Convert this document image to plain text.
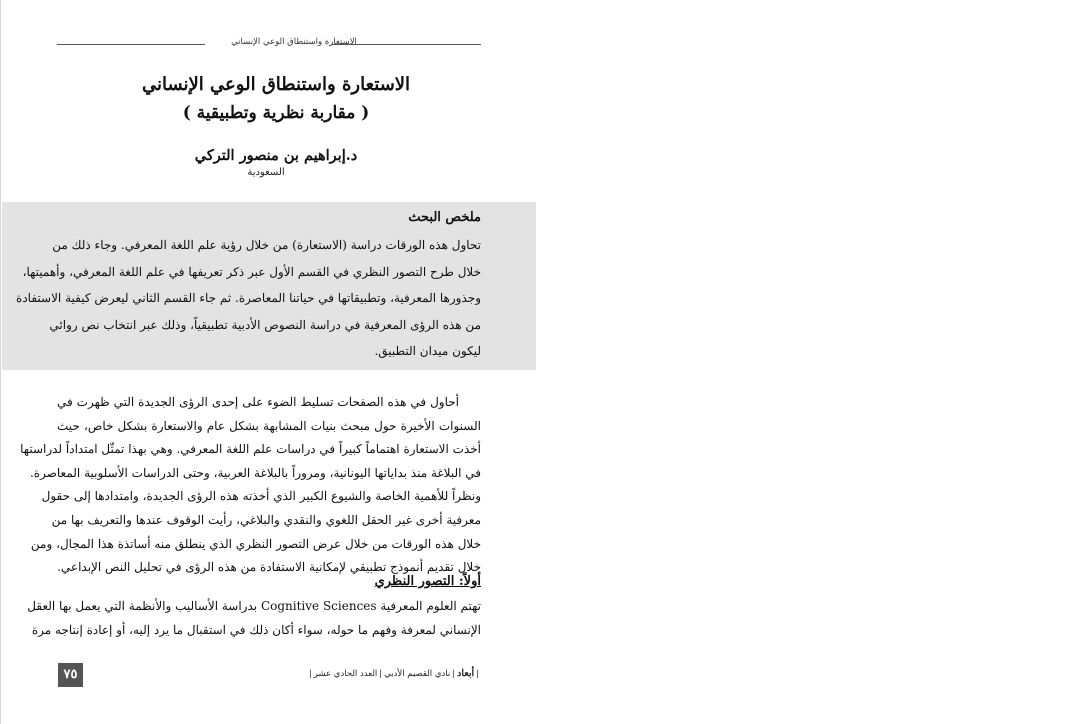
الاستعارة واستنطاق الوعي الإنساني
الاستعارة واستنطاق الوعي الإنساني
( مقاربة نظرية وتطبيقية )
د.إبراهيم بن منصور التركي
السعودية
ملخص البحث
تحاول هذه الورقات دراسة (الاستعارة) من خلال رؤية علم اللغة المعرفي. وجاء ذلك من
خلال طرح التصور النظري في القسم الأول عبر ذكر تعريفها في علم اللغة المعرفي، وأهميتها،
وجذورها المعرفية، وتطبيقاتها في حياتنا المعاصرة. ثم جاء القسم الثاني ليعرض كيفية الاستفادة
من هذه الرؤى المعرفية في دراسة النصوص الأدبية تطبيقياً، وذلك عبر انتخاب نص روائي
ليكون ميدان التطبيق.
أحاول في هذه الصفحات تسليط الضوء على إحدى الرؤى الجديدة التي ظهرت في
السنوات الأخيرة حول مبحث بنيات المشابهة بشكل عام والاستعارة بشكل خاص، حيث
أخذت الاستعارة اهتماماً كبيراً في دراسات علم اللغة المعرفي. وهي بهذا تمثّل امتداداً لدراستها
في البلاغة منذ بداياتها اليونانية، ومروراً بالبلاغة العربية، وحتى الدراسات الأسلوبية المعاصرة.
ونظراً للأهمية الخاصة والشيوع الكبير الذي أخذته هذه الرؤى الجديدة، وامتدادها إلى حقول
معرفية أخرى غير الحقل اللغوي والنقدي والبلاغي، رأيت الوقوف عندها والتعريف بها من
خلال هذه الورقات من خلال عرض التصور النظري الذي ينطلق منه أساتذة هذا المجال، ومن
خلال تقديم أنموذج تطبيقي لإمكانية الاستفادة من هذه الرؤى في تحليل النص الإبداعي.
أولاً: التصور النظري
تهتم العلوم المعرفية Cognitive Sciences بدراسة الأساليب والأنظمة التي يعمل بها العقل
الإنساني لمعرفة وفهم ما حوله، سواء أكان ذلك في استقبال ما يرد إليه، أو إعادة إنتاجه مرة
٧٥	|أبعاد|نادي القصيم الأدبي|العدد الحادي عشر|
